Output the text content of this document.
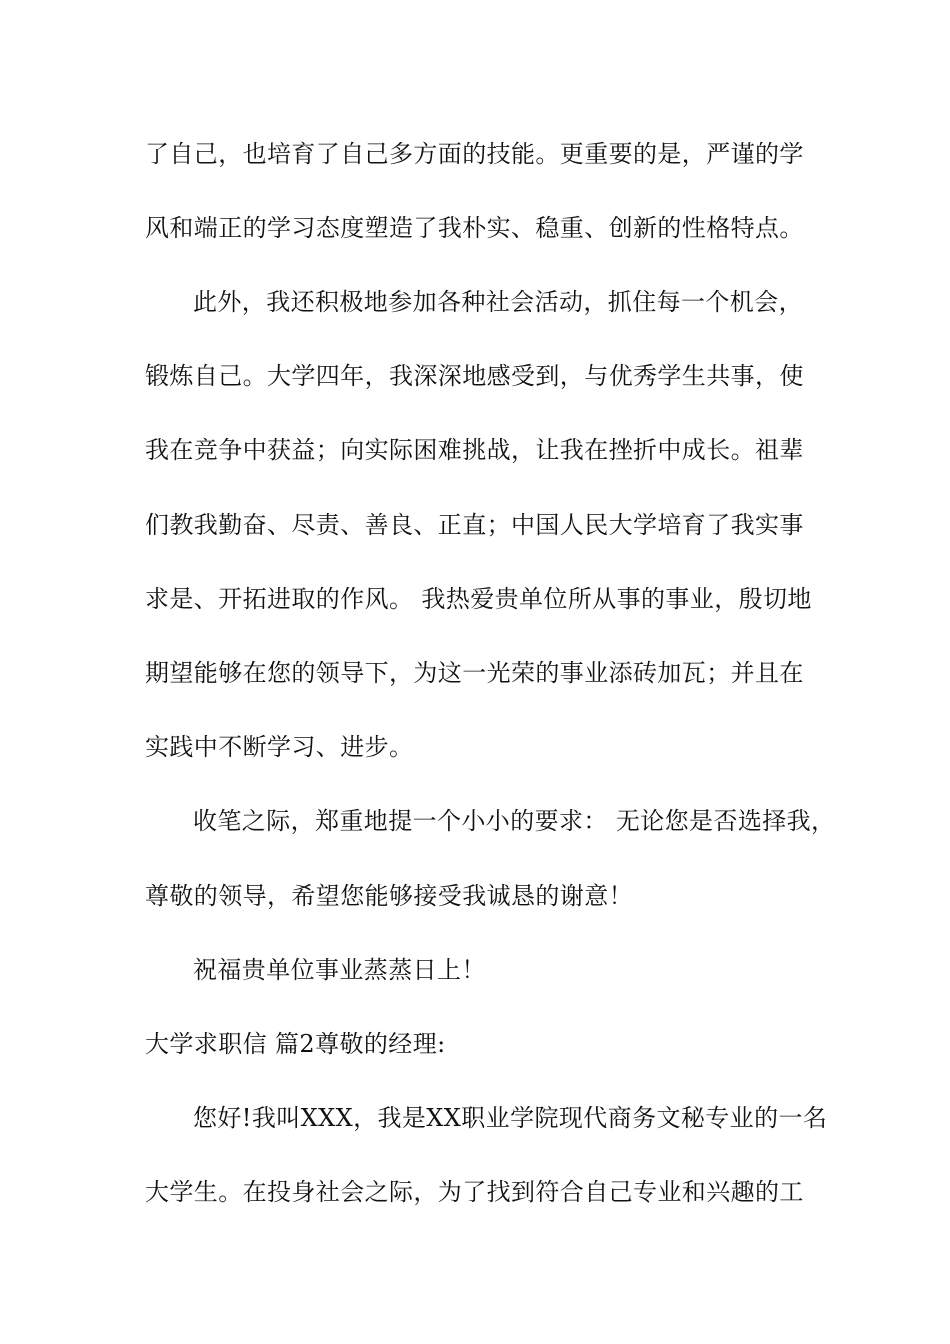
了自己，也培育了自己多方面的技能。更重要的是，严谨的学
风和端正的学习态度塑造了我朴实、稳重、创新的性格特点。
此外，我还积极地参加各种社会活动，抓住每一个机会，
锻炼自己。大学四年，我深深地感受到，与优秀学生共事，使
我在竞争中获益；向实际困难挑战，让我在挫折中成长。祖辈
们教我勤奋、尽责、善良、正直；中国人民大学培育了我实事
求是、开拓进取的作风。 我热爱贵单位所从事的事业，殷切地
期望能够在您的领导下，为这一光荣的事业添砖加瓦；并且在
实践中不断学习、进步。
收笔之际，郑重地提一个小小的要求： 无论您是否选择我，
尊敬的领导，希望您能够接受我诚恳的谢意！
祝福贵单位事业蒸蒸日上！
大学求职信 篇2尊敬的经理:
您好!我叫XXX，我是XX职业学院现代商务文秘专业的一名
大学生。在投身社会之际，为了找到符合自己专业和兴趣的工
